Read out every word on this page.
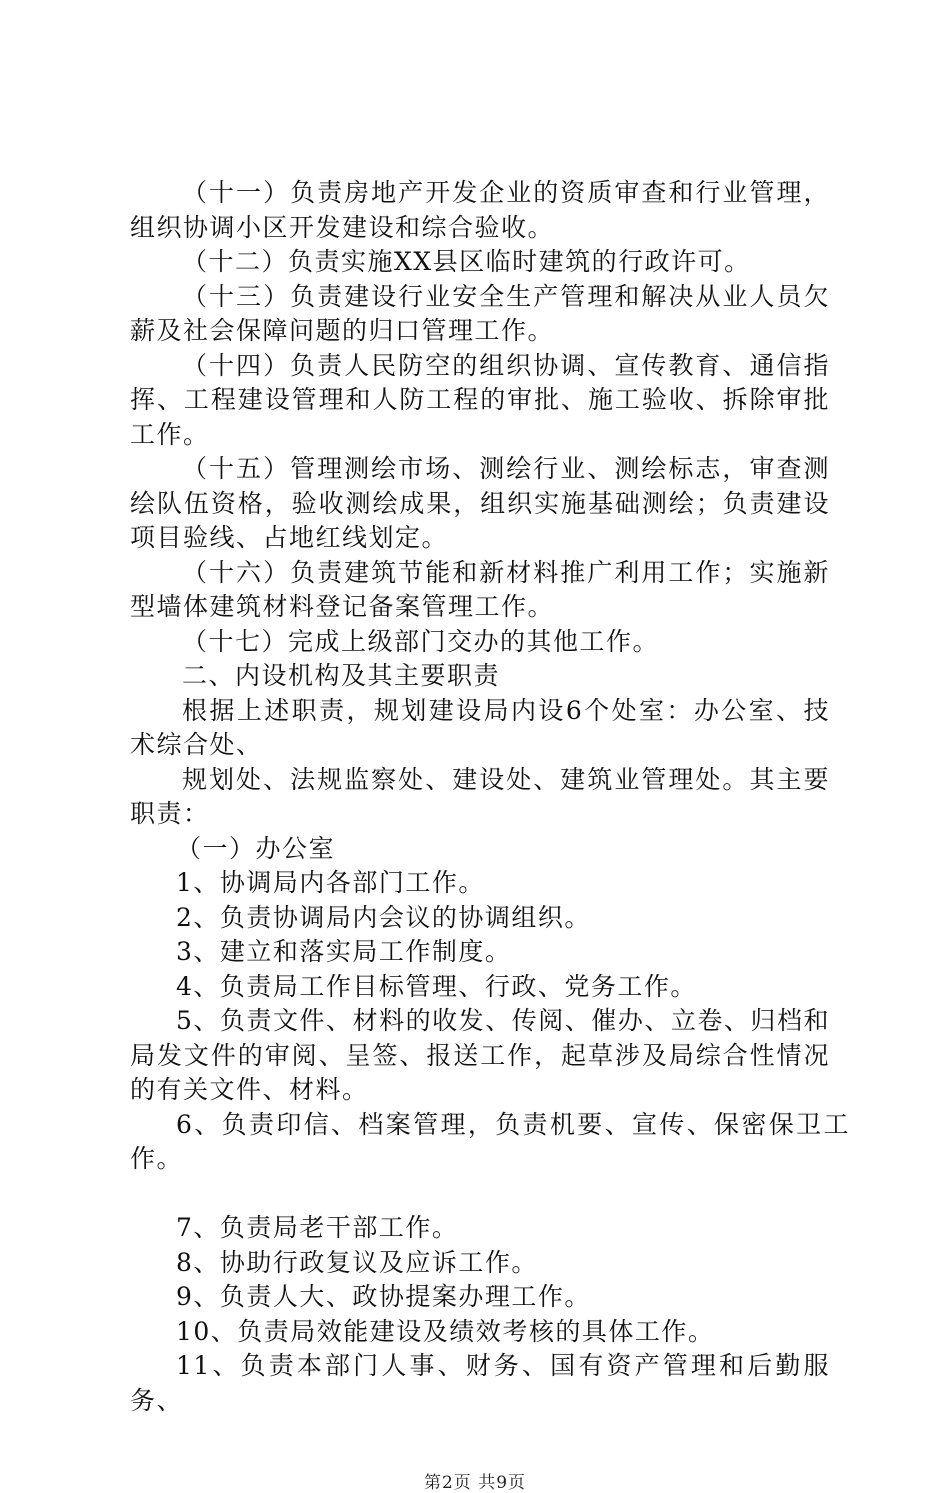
（十一）负责房地产开发企业的资质审查和行业管理，组织协调小区开发建设和综合验收。

（十二）负责实施XX县区临时建筑的行政许可。

（十三）负责建设行业安全生产管理和解决从业人员欠薪及社会保障问题的归口管理工作。

（十四）负责人民防空的组织协调、宣传教育、通信指挥、工程建设管理和人防工程的审批、施工验收、拆除审批工作。

（十五）管理测绘市场、测绘行业、测绘标志，审查测绘队伍资格，验收测绘成果，组织实施基础测绘；负责建设项目验线、占地红线划定。

（十六）负责建筑节能和新材料推广利用工作；实施新型墙体建筑材料登记备案管理工作。

（十七）完成上级部门交办的其他工作。

二、内设机构及其主要职责

根据上述职责，规划建设局内设6个处室：办公室、技术综合处、

规划处、法规监察处、建设处、建筑业管理处。其主要职责：

（一）办公室

1、协调局内各部门工作。

2、负责协调局内会议的协调组织。

3、建立和落实局工作制度。

4、负责局工作目标管理、行政、党务工作。

5、负责文件、材料的收发、传阅、催办、立卷、归档和局发文件的审阅、呈签、报送工作，起草涉及局综合性情况的有关文件、材料。

6、负责印信、档案管理，负责机要、宣传、保密保卫工作。

7、负责局老干部工作。

8、协助行政复议及应诉工作。

9、负责人大、政协提案办理工作。

10、负责局效能建设及绩效考核的具体工作。

11、负责本部门人事、财务、国有资产管理和后勤服务、

第2页 共9页
